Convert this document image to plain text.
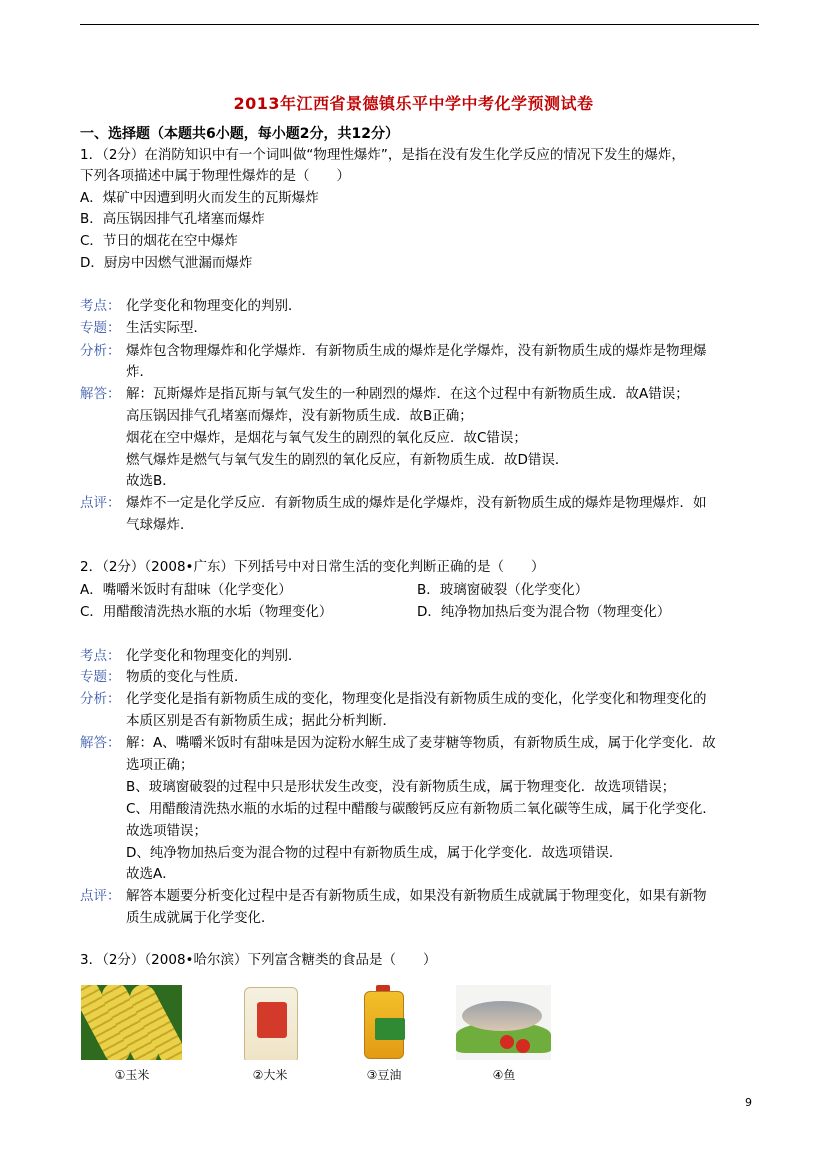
2013年江西省景德镇乐平中学中考化学预测试卷
一、选择题（本题共6小题，每小题2分，共12分）
1．（2分）在消防知识中有一个词叫做“物理性爆炸”，是指在没有发生化学反应的情况下发生的爆炸，
下列各项描述中属于物理性爆炸的是（　　）
A．煤矿中因遭到明火而发生的瓦斯爆炸
B．高压锅因排气孔堵塞而爆炸
C．节日的烟花在空中爆炸
D．厨房中因燃气泄漏而爆炸
考点： 化学变化和物理变化的判别．
专题： 生活实际型．
分析： 爆炸包含物理爆炸和化学爆炸．有新物质生成的爆炸是化学爆炸，没有新物质生成的爆炸是物理爆
炸．
解答： 解：瓦斯爆炸是指瓦斯与氧气发生的一种剧烈的爆炸．在这个过程中有新物质生成．故A错误；
高压锅因排气孔堵塞而爆炸，没有新物质生成．故B正确；
烟花在空中爆炸，是烟花与氧气发生的剧烈的氧化反应．故C错误；
燃气爆炸是燃气与氧气发生的剧烈的氧化反应，有新物质生成．故D错误．
故选B．
点评： 爆炸不一定是化学反应．有新物质生成的爆炸是化学爆炸，没有新物质生成的爆炸是物理爆炸．如
气球爆炸．
2．（2分）（2008•广东）下列括号中对日常生活的变化判断正确的是（　　）
A．嘴嚼米饭时有甜味（化学变化）	B．玻璃窗破裂（化学变化）
C．用醋酸清洗热水瓶的水垢（物理变化）	D．纯净物加热后变为混合物（物理变化）
考点： 化学变化和物理变化的判别．
专题： 物质的变化与性质．
分析： 化学变化是指有新物质生成的变化，物理变化是指没有新物质生成的变化，化学变化和物理变化的
本质区别是否有新物质生成；据此分析判断．
解答： 解：A、嘴嚼米饭时有甜味是因为淀粉水解生成了麦芽糖等物质，有新物质生成，属于化学变化．故
选项正确；
B、玻璃窗破裂的过程中只是形状发生改变，没有新物质生成，属于物理变化．故选项错误；
C、用醋酸清洗热水瓶的水垢的过程中醋酸与碳酸钙反应有新物质二氧化碳等生成，属于化学变化．
故选项错误；
D、纯净物加热后变为混合物的过程中有新物质生成，属于化学变化．故选项错误．
故选A．
点评： 解答本题要分析变化过程中是否有新物质生成，如果没有新物质生成就属于物理变化，如果有新物
质生成就属于化学变化．
3．（2分）（2008•哈尔滨）下列富含糖类的食品是（　　）
①玉米	②大米	③豆油	④鱼
9
